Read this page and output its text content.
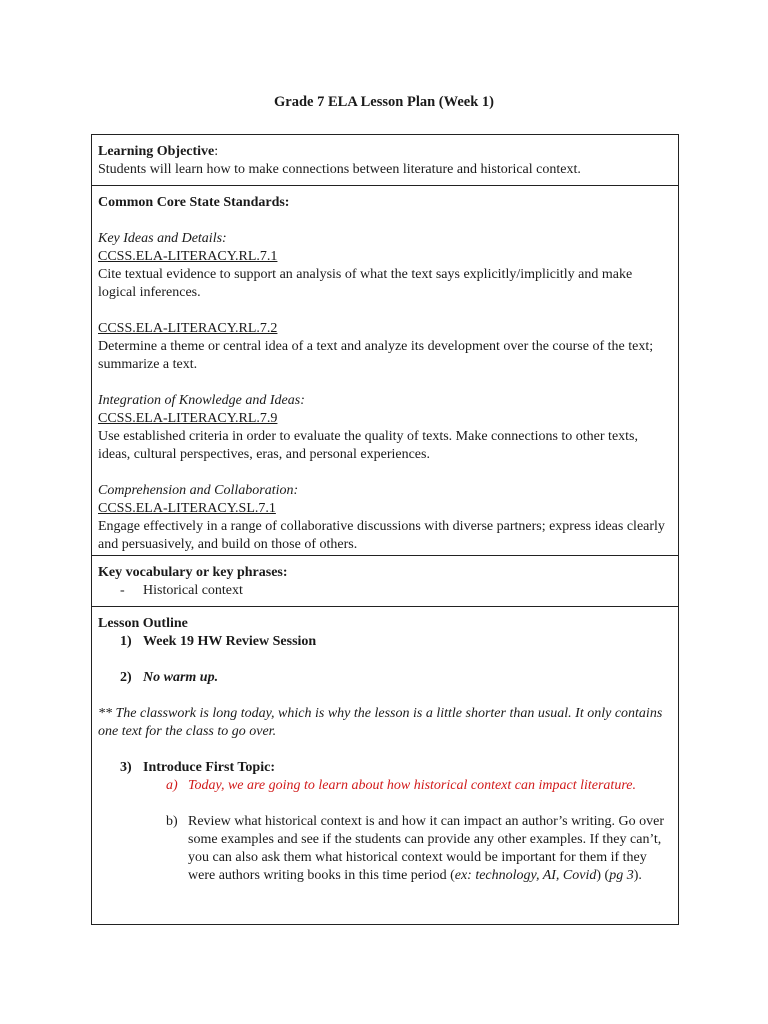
Grade 7 ELA Lesson Plan (Week 1)
Learning Objective:
Students will learn how to make connections between literature and historical context.
Common Core State Standards:
Key Ideas and Details:
CCSS.ELA-LITERACY.RL.7.1
Cite textual evidence to support an analysis of what the text says explicitly/implicitly and make logical inferences.
CCSS.ELA-LITERACY.RL.7.2
Determine a theme or central idea of a text and analyze its development over the course of the text; summarize a text.
Integration of Knowledge and Ideas:
CCSS.ELA-LITERACY.RL.7.9
Use established criteria in order to evaluate the quality of texts. Make connections to other texts, ideas, cultural perspectives, eras, and personal experiences.
Comprehension and Collaboration:
CCSS.ELA-LITERACY.SL.7.1
Engage effectively in a range of collaborative discussions with diverse partners; express ideas clearly and persuasively, and build on those of others.
Key vocabulary or key phrases:
- Historical context
Lesson Outline
1) Week 19 HW Review Session
2) No warm up.
** The classwork is long today, which is why the lesson is a little shorter than usual. It only contains one text for the class to go over.
3) Introduce First Topic:
a) Today, we are going to learn about how historical context can impact literature.
b) Review what historical context is and how it can impact an author’s writing. Go over some examples and see if the students can provide any other examples. If they can’t, you can also ask them what historical context would be important for them if they were authors writing books in this time period (ex: technology, AI, Covid) (pg 3).
